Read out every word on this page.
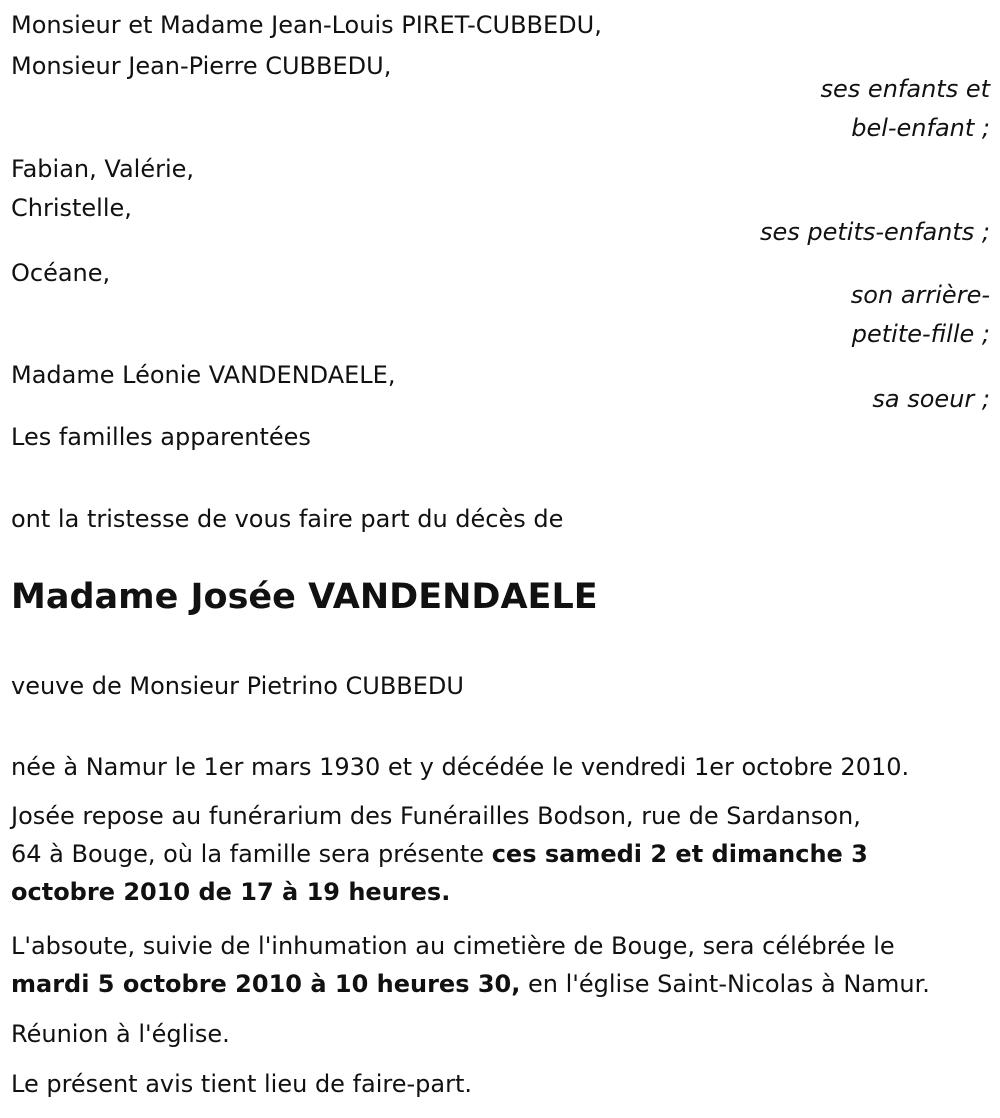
Monsieur et Madame Jean-Louis PIRET-CUBBEDU,
Monsieur Jean-Pierre CUBBEDU,
ses enfants et
bel-enfant ;
Fabian, Valérie,
Christelle,
ses petits-enfants ;
Océane,
son arrière-
petite-fille ;
Madame Léonie VANDENDAELE,
sa soeur ;
Les familles apparentées
ont la tristesse de vous faire part du décès de
Madame Josée VANDENDAELE
veuve de Monsieur Pietrino CUBBEDU
née à Namur le 1er mars 1930 et y décédée le vendredi 1er octobre 2010.
Josée repose au funérarium des Funérailles Bodson, rue de Sardanson,
64 à Bouge, où la famille sera présente ces samedi 2 et dimanche 3
octobre 2010 de 17 à 19 heures.
L'absoute, suivie de l'inhumation au cimetière de Bouge, sera célébrée le
mardi 5 octobre 2010 à 10 heures 30, en l'église Saint-Nicolas à Namur.
Réunion à l'église.
Le présent avis tient lieu de faire-part.
